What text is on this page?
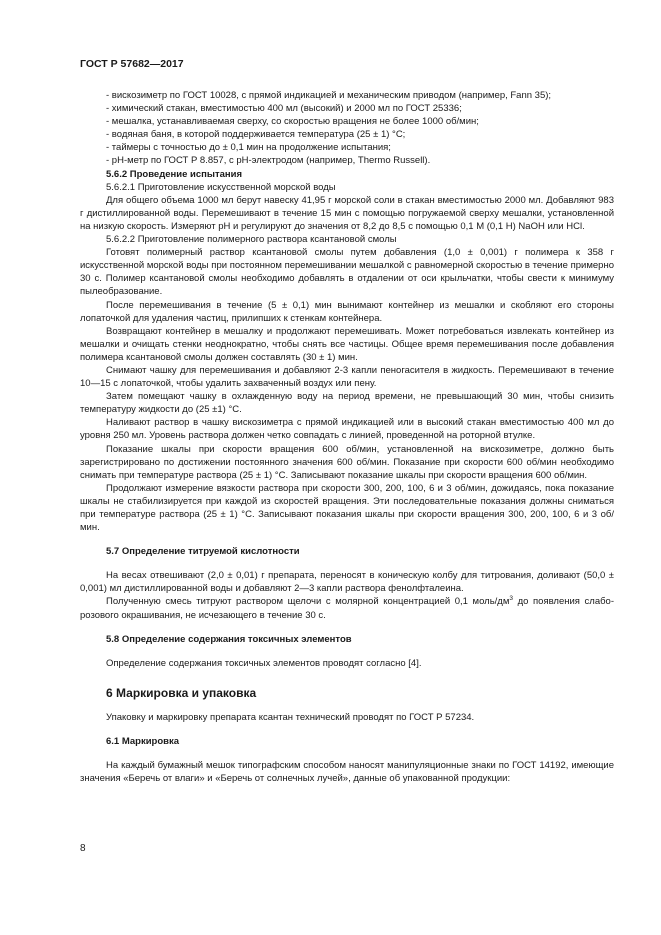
ГОСТ Р 57682—2017

- вискозиметр по ГОСТ 10028, с прямой индикацией и механическим приводом (например, Fann 35);

- химический стакан, вместимостью 400 мл (высокий) и 2000 мл по ГОСТ 25336;

- мешалка, устанавливаемая сверху, со скоростью вращения не более 1000 об/мин;

- водяная баня, в которой поддерживается температура (25 ± 1) °С;

- таймеры с точностью до ± 0,1 мин на продолжение испытания;

- pH-метр по ГОСТ Р 8.857, с pH-электродом (например, Thermo Russell).

5.6.2 Проведение испытания

5.6.2.1 Приготовление искусственной морской воды

Для общего объема 1000 мл берут навеску 41,95 г морской соли в стакан вместимостью 2000 мл. Добавляют 983 г дистиллированной воды. Перемешивают в течение 15 мин с помощью погружаемой сверху мешалки, установленной на низкую скорость. Измеряют pH и регулируют до значения от 8,2 до 8,5 с помощью 0,1 М (0,1 Н) NaOH или HCl.

5.6.2.2 Приготовление полимерного раствора ксантановой смолы

Готовят полимерный раствор ксантановой смолы путем добавления (1,0 ± 0,001) г полимера к 358 г искусственной морской воды при постоянном перемешивании мешалкой с равномерной скоростью в течение примерно 30 с. Полимер ксантановой смолы необходимо добавлять в отдалении от оси крыльчатки, чтобы свести к минимуму пылеобразование.

После перемешивания в течение (5 ± 0,1) мин вынимают контейнер из мешалки и скобляют его стороны лопаточкой для удаления частиц, прилипших к стенкам контейнера.

Возвращают контейнер в мешалку и продолжают перемешивать. Может потребоваться извлекать контейнер из мешалки и очищать стенки неоднократно, чтобы снять все частицы. Общее время перемешивания после добавления полимера ксантановой смолы должен составлять (30 ± 1) мин.

Снимают чашку для перемешивания и добавляют 2-3 капли пеногасителя в жидкость. Перемешивают в течение 10—15 с лопаточкой, чтобы удалить захваченный воздух или пену.

Затем помещают чашку в охлажденную воду на период времени, не превышающий 30 мин, чтобы снизить температуру жидкости до (25 ±1) °С.

Наливают раствор в чашку вискозиметра с прямой индикацией или в высокий стакан вместимостью 400 мл до уровня 250 мл. Уровень раствора должен четко совпадать с линией, проведенной на роторной втулке.

Показание шкалы при скорости вращения 600 об/мин, установленной на вискозиметре, должно быть зарегистрировано по достижении постоянного значения 600 об/мин. Показание при скорости 600 об/мин необходимо снимать при температуре раствора (25 ± 1) °С. Записывают показание шкалы при скорости вращения 600 об/мин.

Продолжают измерение вязкости раствора при скорости 300, 200, 100, 6 и 3 об/мин, дожидаясь, пока показание шкалы не стабилизируется при каждой из скоростей вращения. Эти последовательные показания должны сниматься при температуре раствора (25 ± 1) °С. Записывают показания шкалы при скорости вращения 300, 200, 100, 6 и 3 об/мин.

5.7 Определение титруемой кислотности

На весах отвешивают (2,0 ± 0,01) г препарата, переносят в коническую колбу для титрования, доливают (50,0 ± 0,001) мл дистиллированной воды и добавляют 2—3 капли раствора фенолфталеина.

Полученную смесь титруют раствором щелочи с молярной концентрацией 0,1 моль/$дм^3$ до появления слабо-розового окрашивания, не исчезающего в течение 30 с.

5.8 Определение содержания токсичных элементов

Определение содержания токсичных элементов проводят согласно [4].

6 Маркировка и упаковка

Упаковку и маркировку препарата ксантан технический проводят по ГОСТ Р 57234.

6.1 Маркировка

На каждый бумажный мешок типографским способом наносят манипуляционные знаки по ГОСТ 14192, имеющие значения «Беречь от влаги» и «Беречь от солнечных лучей», данные об упакованной продукции:

8
